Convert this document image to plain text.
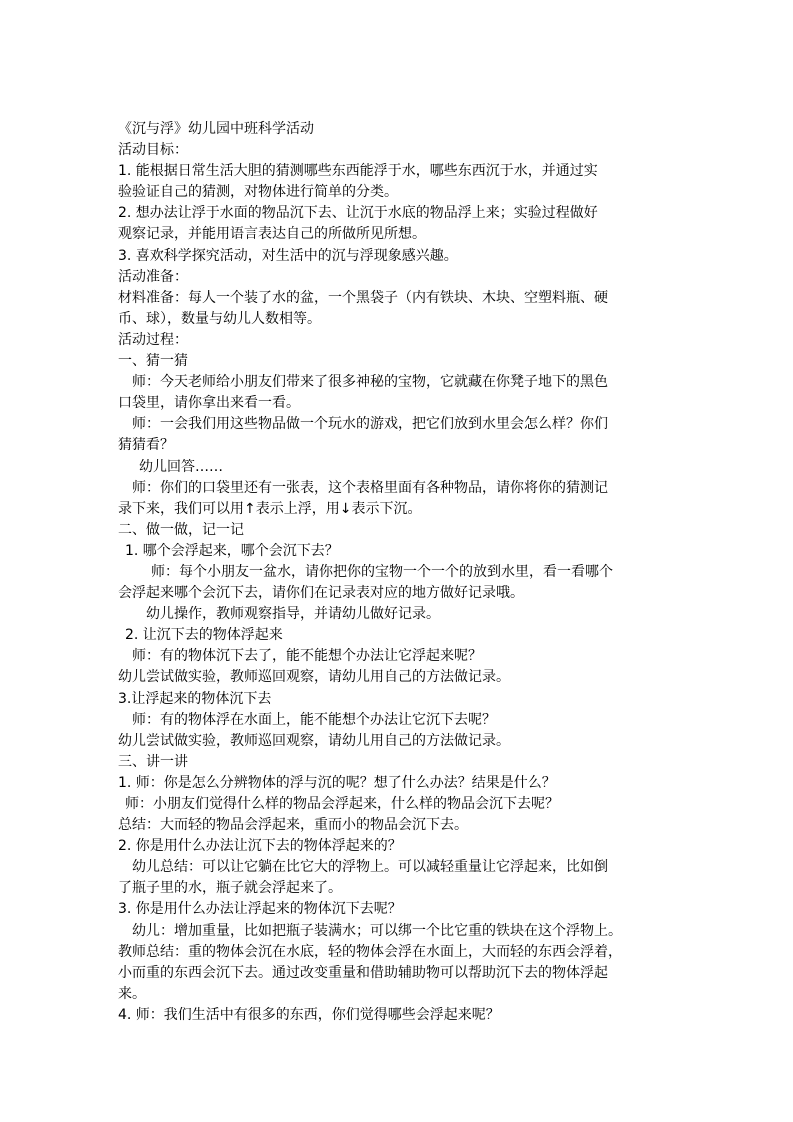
《沉与浮》幼儿园中班科学活动
活动目标：
1. 能根据日常生活大胆的猜测哪些东西能浮于水，哪些东西沉于水，并通过实
验验证自己的猜测，对物体进行简单的分类。
2. 想办法让浮于水面的物品沉下去、让沉于水底的物品浮上来；实验过程做好
观察记录，并能用语言表达自己的所做所见所想。
3. 喜欢科学探究活动，对生活中的沉与浮现象感兴趣。
活动准备：
材料准备：每人一个装了水的盆，一个黑袋子（内有铁块、木块、空塑料瓶、硬
币、球），数量与幼儿人数相等。
活动过程：
一、猜一猜
师：今天老师给小朋友们带来了很多神秘的宝物，它就藏在你凳子地下的黑色
口袋里，请你拿出来看一看。
师：一会我们用这些物品做一个玩水的游戏，把它们放到水里会怎么样？你们
猜猜看？
幼儿回答……
师：你们的口袋里还有一张表，这个表格里面有各种物品，请你将你的猜测记
录下来，我们可以用↑表示上浮，用↓表示下沉。
二、做一做，记一记
1. 哪个会浮起来，哪个会沉下去？
师：每个小朋友一盆水，请你把你的宝物一个一个的放到水里，看一看哪个
会浮起来哪个会沉下去，请你们在记录表对应的地方做好记录哦。
幼儿操作，教师观察指导，并请幼儿做好记录。
2. 让沉下去的物体浮起来
师：有的物体沉下去了，能不能想个办法让它浮起来呢？
幼儿尝试做实验，教师巡回观察，请幼儿用自己的方法做记录。
3.让浮起来的物体沉下去
师：有的物体浮在水面上，能不能想个办法让它沉下去呢？
幼儿尝试做实验，教师巡回观察，请幼儿用自己的方法做记录。
三、讲一讲
1. 师：你是怎么分辨物体的浮与沉的呢？想了什么办法？结果是什么？
师：小朋友们觉得什么样的物品会浮起来，什么样的物品会沉下去呢？
总结：大而轻的物品会浮起来，重而小的物品会沉下去。
2. 你是用什么办法让沉下去的物体浮起来的？
幼儿总结：可以让它躺在比它大的浮物上。可以减轻重量让它浮起来，比如倒
了瓶子里的水，瓶子就会浮起来了。
3. 你是用什么办法让浮起来的物体沉下去呢？
幼儿：增加重量，比如把瓶子装满水；可以绑一个比它重的铁块在这个浮物上。
教师总结：重的物体会沉在水底，轻的物体会浮在水面上，大而轻的东西会浮着，
小而重的东西会沉下去。通过改变重量和借助辅助物可以帮助沉下去的物体浮起
来。
4. 师：我们生活中有很多的东西，你们觉得哪些会浮起来呢？
